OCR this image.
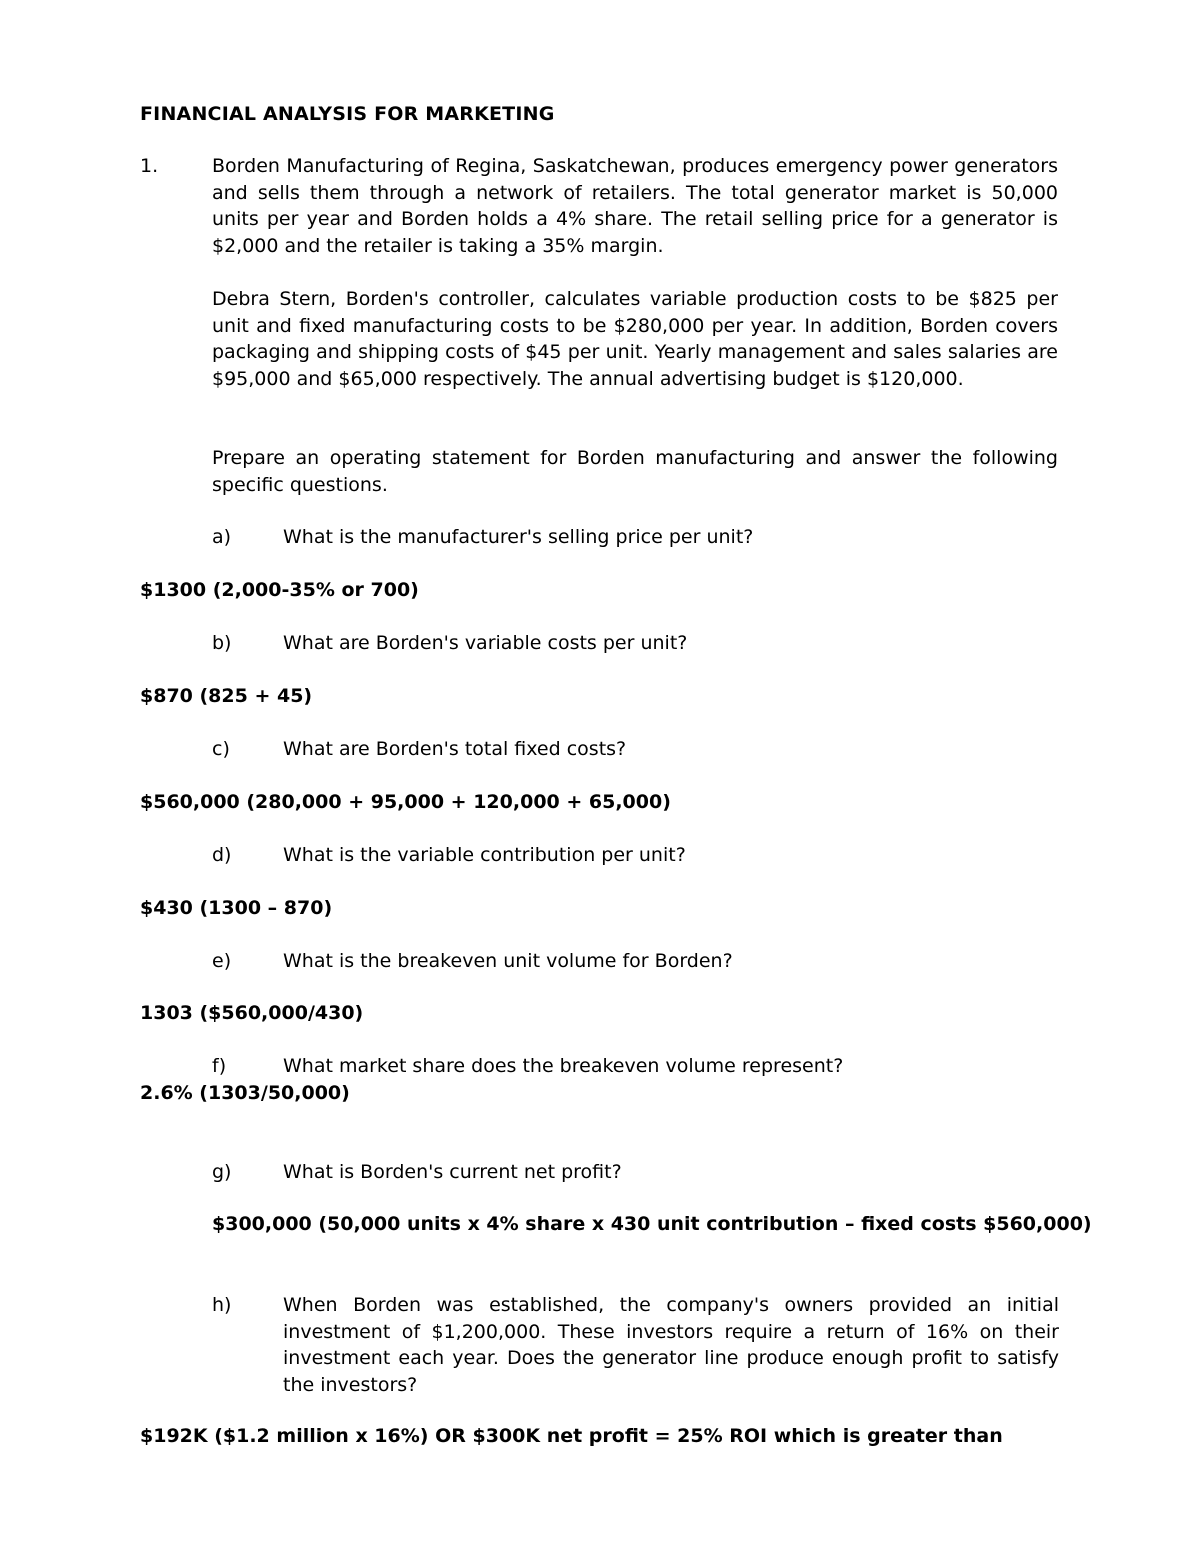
FINANCIAL ANALYSIS FOR MARKETING

1.	Borden Manufacturing of Regina, Saskatchewan, produces emergency power generators and sells them through a network of retailers. The total generator market is 50,000 units per year and Borden holds a 4% share. The retail selling price for a generator is $2,000 and the retailer is taking a 35% margin.

Debra Stern, Borden's controller, calculates variable production costs to be $825 per unit and fixed manufacturing costs to be $280,000 per year. In addition, Borden covers packaging and shipping costs of $45 per unit. Yearly management and sales salaries are $95,000 and $65,000 respectively. The annual advertising budget is $120,000.

Prepare an operating statement for Borden manufacturing and answer the following specific questions.

a)	What is the manufacturer's selling price per unit?

$1300 (2,000-35% or 700)

b)	What are Borden's variable costs per unit?

$870 (825 + 45)

c)	What are Borden's total fixed costs?

$560,000 (280,000 + 95,000 + 120,000 + 65,000)

d)	What is the variable contribution per unit?

$430 (1300 – 870)

e)	What is the breakeven unit volume for Borden?

1303 ($560,000/430)

f)	What market share does the breakeven volume represent?

2.6% (1303/50,000)

g)	What is Borden's current net profit?

$300,000 (50,000 units x 4% share x 430 unit contribution – fixed costs $560,000)

h)	When Borden was established, the company's owners provided an initial investment of $1,200,000. These investors require a return of 16% on their investment each year. Does the generator line produce enough profit to satisfy the investors?

$192K ($1.2 million x 16%) OR $300K net profit = 25% ROI which is greater than
